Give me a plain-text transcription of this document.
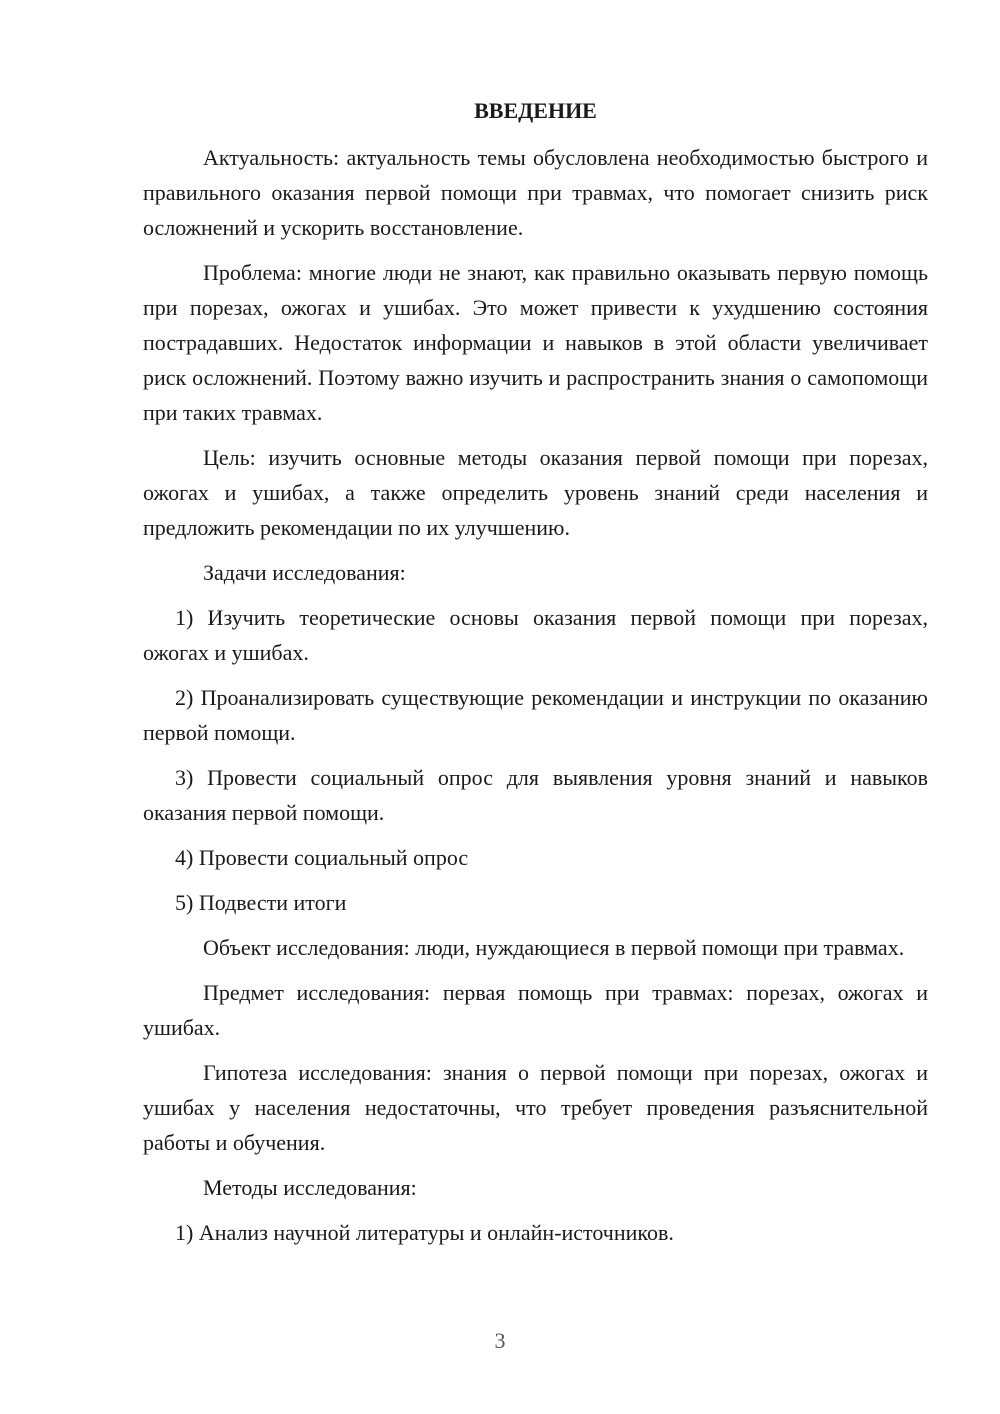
ВВЕДЕНИЕ

Актуальность: актуальность темы обусловлена необходимостью быстрого и правильного оказания первой помощи при травмах, что помогает снизить риск осложнений и ускорить восстановление.

Проблема: многие люди не знают, как правильно оказывать первую помощь при порезах, ожогах и ушибах. Это может привести к ухудшению состояния пострадавших. Недостаток информации и навыков в этой области увеличивает риск осложнений. Поэтому важно изучить и распространить знания о самопомощи при таких травмах.

Цель: изучить основные методы оказания первой помощи при порезах, ожогах и ушибах, а также определить уровень знаний среди населения и предложить рекомендации по их улучшению.

Задачи исследования:

1) Изучить теоретические основы оказания первой помощи при порезах, ожогах и ушибах.

2) Проанализировать существующие рекомендации и инструкции по оказанию первой помощи.

3) Провести социальный опрос для выявления уровня знаний и навыков оказания первой помощи.

4) Провести социальный опрос

5) Подвести итоги

Объект исследования: люди, нуждающиеся в первой помощи при травмах.

Предмет исследования: первая помощь при травмах: порезах, ожогах и ушибах.

Гипотеза исследования: знания о первой помощи при порезах, ожогах и ушибах у населения недостаточны, что требует проведения разъяснительной работы и обучения.

Методы исследования:

1) Анализ научной литературы и онлайн-источников.

3
